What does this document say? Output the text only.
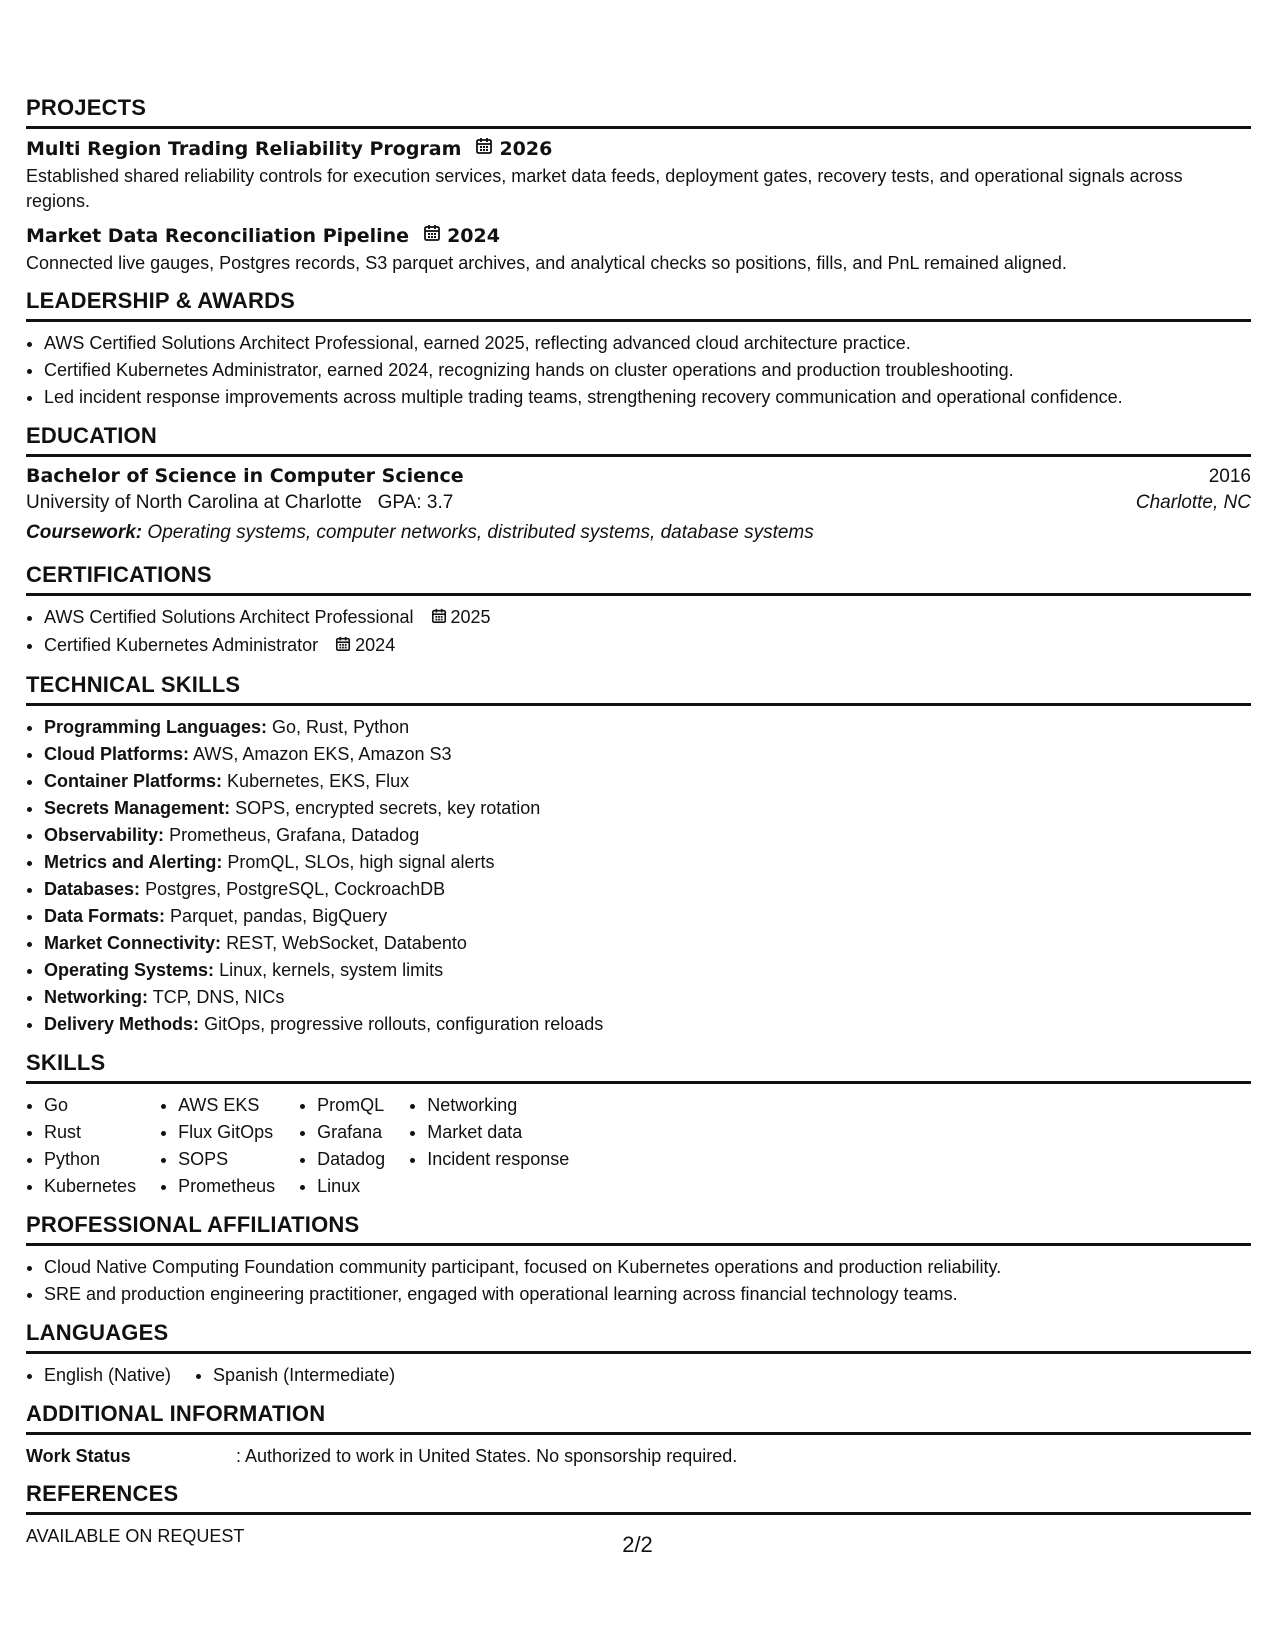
PROJECTS
Multi Region Trading Reliability Program 2026
Established shared reliability controls for execution services, market data feeds, deployment gates, recovery tests, and operational signals across regions.
Market Data Reconciliation Pipeline 2024
Connected live gauges, Postgres records, S3 parquet archives, and analytical checks so positions, fills, and PnL remained aligned.
LEADERSHIP & AWARDS
• AWS Certified Solutions Architect Professional, earned 2025, reflecting advanced cloud architecture practice.
• Certified Kubernetes Administrator, earned 2024, recognizing hands on cluster operations and production troubleshooting.
• Led incident response improvements across multiple trading teams, strengthening recovery communication and operational confidence.
EDUCATION
Bachelor of Science in Computer Science	2016
University of North Carolina at Charlotte   GPA: 3.7	Charlotte, NC
Coursework: Operating systems, computer networks, distributed systems, database systems
CERTIFICATIONS
• AWS Certified Solutions Architect Professional 2025
• Certified Kubernetes Administrator 2024
TECHNICAL SKILLS
• Programming Languages: Go, Rust, Python
• Cloud Platforms: AWS, Amazon EKS, Amazon S3
• Container Platforms: Kubernetes, EKS, Flux
• Secrets Management: SOPS, encrypted secrets, key rotation
• Observability: Prometheus, Grafana, Datadog
• Metrics and Alerting: PromQL, SLOs, high signal alerts
• Databases: Postgres, PostgreSQL, CockroachDB
• Data Formats: Parquet, pandas, BigQuery
• Market Connectivity: REST, WebSocket, Databento
• Operating Systems: Linux, kernels, system limits
• Networking: TCP, DNS, NICs
• Delivery Methods: GitOps, progressive rollouts, configuration reloads
SKILLS
• Go
• Rust
• Python
• Kubernetes
• AWS EKS
• Flux GitOps
• SOPS
• Prometheus
• PromQL
• Grafana
• Datadog
• Linux
• Networking
• Market data
• Incident response
PROFESSIONAL AFFILIATIONS
• Cloud Native Computing Foundation community participant, focused on Kubernetes operations and production reliability.
• SRE and production engineering practitioner, engaged with operational learning across financial technology teams.
LANGUAGES
• English (Native)
• Spanish (Intermediate)
ADDITIONAL INFORMATION
Work Status	: Authorized to work in United States. No sponsorship required.
REFERENCES
AVAILABLE ON REQUEST	2/2
